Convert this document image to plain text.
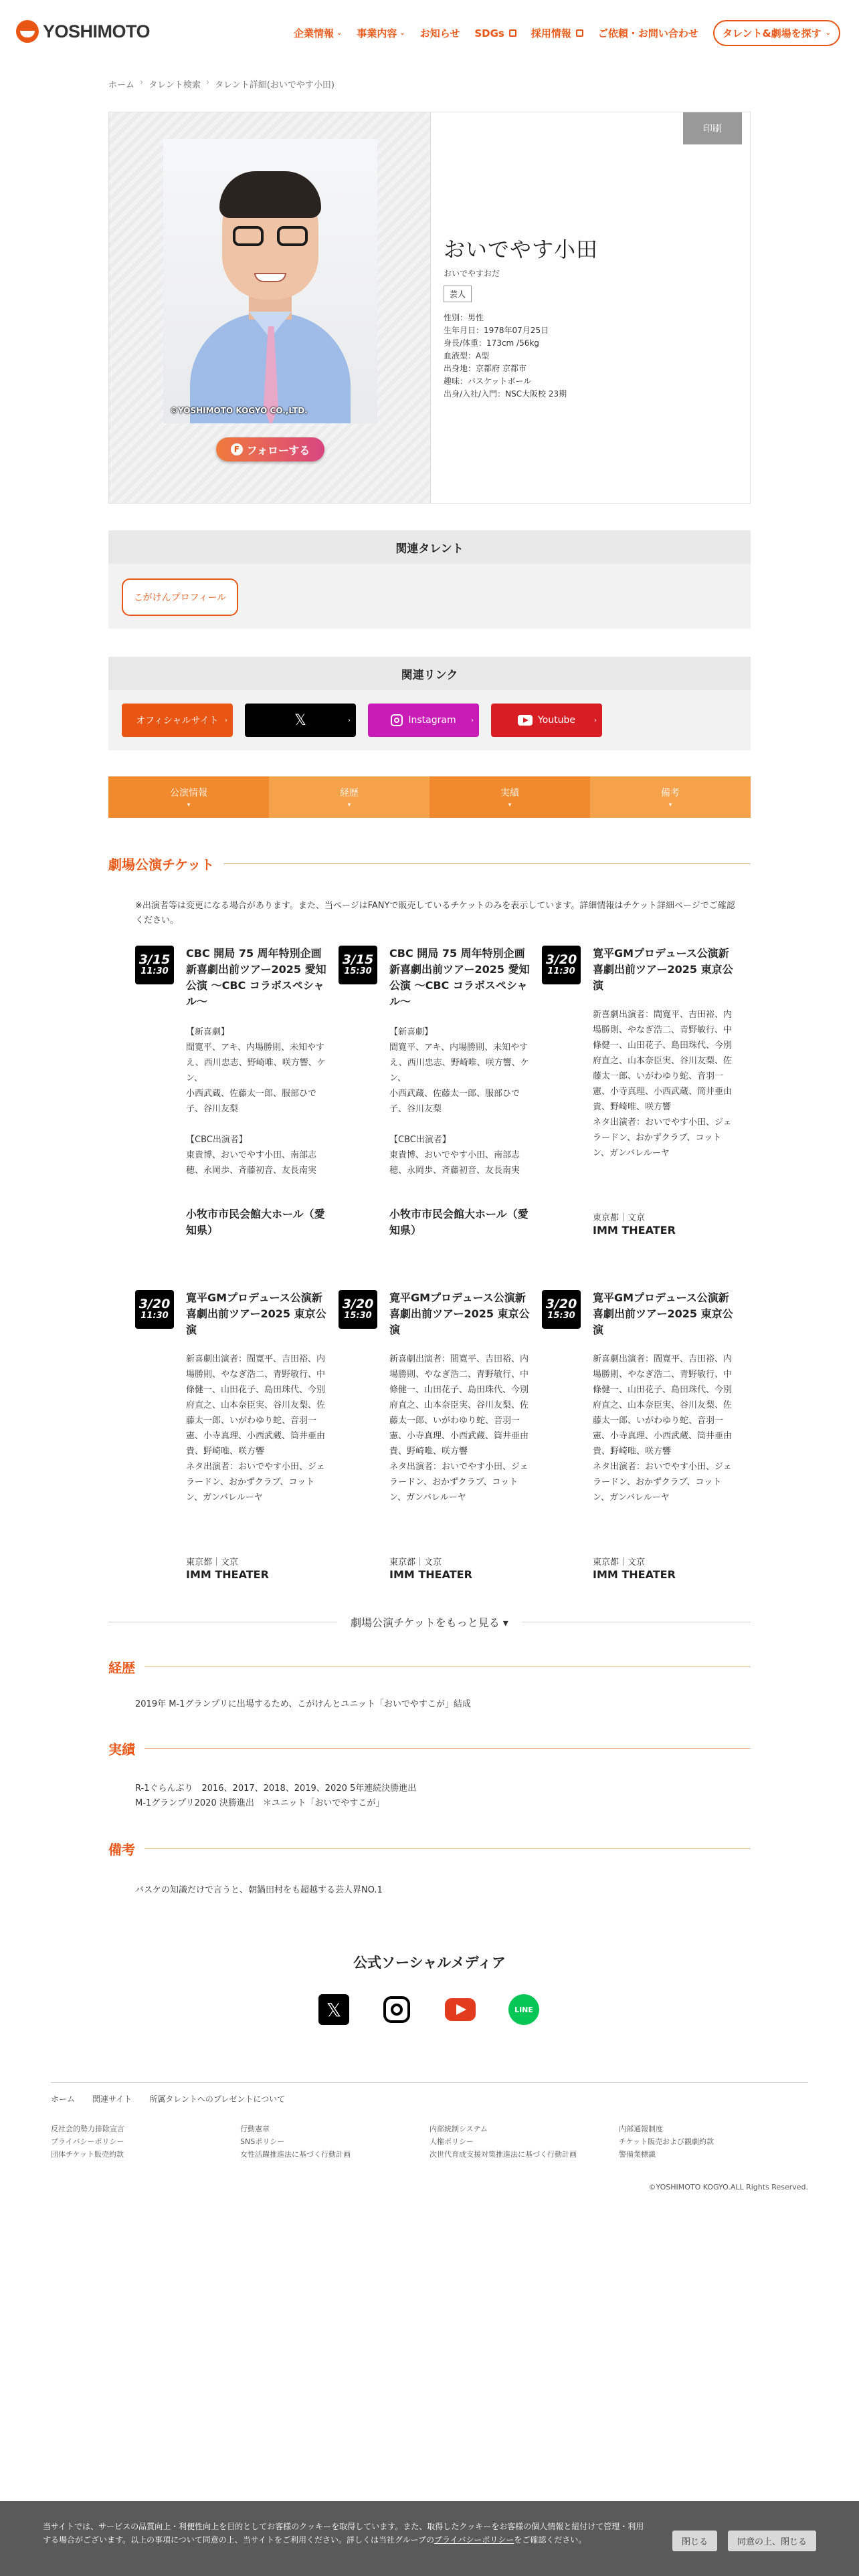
YOSHIMOTO	企業情報 ⌄ 事業内容 ⌄ お知らせ SDGs	採用情報	ご依頼・お問い合わせ タレント&劇場を探す ⌄
ホーム › タレント検索 › タレント詳細(おいでやす小田)
©YOSHIMOTO KOGYO CO.,LTD.
F フォローする
印刷
おいでやす小田
おいでやすおだ
芸人
性別：男性
生年月日：1978年07月25日
身長/体重：173cm /56kg
血液型：A型
出身地：京都府 京都市
趣味：バスケットボール
出身/入社/入門：NSC大阪校 23期
関連タレント
こがけんプロフィール
関連リンク
オフィシャルサイト ›	𝕏	›	Instagram ›	Youtube	›
公演情報
▾
経歴
▾
実績
▾
備考
▾
劇場公演チケット

※出演者等は変更になる場合があります。また、当ページはFANYで販売しているチケットのみを表示しています。詳細情報はチケット詳細ページでご確認ください。

3/15
11:30
CBC 開局 75 周年特別企画　新喜劇出前ツアー2025 愛知公演 〜CBC コラボスペシャル〜
【新喜劇】
間寛平、アキ、内場勝則、未知やすえ、西川忠志、野崎唯、咲方響、ケン、
小西武蔵、佐藤太一郎、服部ひで子、谷川友梨

【CBC出演者】
東貴博、おいでやす小田、南部志穂、永岡歩、斉藤初音、友長南実
小牧市市民会館大ホール（愛知県）
3/15
15:30
CBC 開局 75 周年特別企画　新喜劇出前ツアー2025 愛知公演 〜CBC コラボスペシャル〜
【新喜劇】
間寛平、アキ、内場勝則、未知やすえ、西川忠志、野崎唯、咲方響、ケン、
小西武蔵、佐藤太一郎、服部ひで子、谷川友梨

【CBC出演者】
東貴博、おいでやす小田、南部志穂、永岡歩、斉藤初音、友長南実
小牧市市民会館大ホール（愛知県）
3/20
11:30
寛平GMプロデュース公演新喜劇出前ツアー2025 東京公演
新喜劇出演者：間寛平、吉田裕、内場勝則、やなぎ浩二、青野敏行、中條健一、山田花子、島田珠代、今別府直之、山本奈臣実、谷川友梨、佐藤太一郎、いがわゆり蛇、音羽一憲、小寺真理、小西武蔵、筒井亜由貴、野崎唯、咲方響
ネタ出演者：おいでやす小田、ジェラードン、おかずクラブ、コットン、ガンバレルーヤ
東京都｜文京
IMM THEATER
3/20
11:30
寛平GMプロデュース公演新喜劇出前ツアー2025 東京公演
新喜劇出演者：間寛平、吉田裕、内場勝則、やなぎ浩二、青野敏行、中條健一、山田花子、島田珠代、今別府直之、山本奈臣実、谷川友梨、佐藤太一郎、いがわゆり蛇、音羽一憲、小寺真理、小西武蔵、筒井亜由貴、野崎唯、咲方響
ネタ出演者：おいでやす小田、ジェラードン、おかずクラブ、コットン、ガンバレルーヤ
東京都｜文京
IMM THEATER
3/20
15:30
寛平GMプロデュース公演新喜劇出前ツアー2025 東京公演
新喜劇出演者：間寛平、吉田裕、内場勝則、やなぎ浩二、青野敏行、中條健一、山田花子、島田珠代、今別府直之、山本奈臣実、谷川友梨、佐藤太一郎、いがわゆり蛇、音羽一憲、小寺真理、小西武蔵、筒井亜由貴、野崎唯、咲方響
ネタ出演者：おいでやす小田、ジェラードン、おかずクラブ、コットン、ガンバレルーヤ
東京都｜文京
IMM THEATER
3/20
15:30
寛平GMプロデュース公演新喜劇出前ツアー2025 東京公演
新喜劇出演者：間寛平、吉田裕、内場勝則、やなぎ浩二、青野敏行、中條健一、山田花子、島田珠代、今別府直之、山本奈臣実、谷川友梨、佐藤太一郎、いがわゆり蛇、音羽一憲、小寺真理、小西武蔵、筒井亜由貴、野崎唯、咲方響
ネタ出演者：おいでやす小田、ジェラードン、おかずクラブ、コットン、ガンバレルーヤ
東京都｜文京
IMM THEATER
劇場公演チケットをもっと見る ▾
経歴

2019年 M-1グランプリに出場するため、こがけんとユニット「おいでやすこが」結成

実績
R-1ぐらんぷり　2016、2017、2018、2019、2020 5年連続決勝進出
M-1グランプリ2020 決勝進出　＊ユニット「おいでやすこが」
備考

バスケの知識だけで言うと、朝鍋田村をも超越する芸人界NO.1

公式ソーシャルメディア
𝕏	LINE
ホーム 関連サイト 所属タレントへのプレゼントについて
反社会的勢力排除宣言
プライバシーポリシー
団体チケット販売約款
行動憲章
SNSポリシー
女性活躍推進法に基づく行動計画
内部統制システム
人権ポリシー
次世代育成支援対策推進法に基づく行動計画
内部通報制度
チケット販売および観劇約款
警備業標識
©YOSHIMOTO KOGYO.ALL Rights Reserved.

当サイトでは、サービスの品質向上・利便性向上を目的としてお客様のクッキーを取得しています。また、取得したクッキーをお客様の個人情報と紐付けて管理・利用する場合がございます。以上の事項について同意の上、当サイトをご利用ください。詳しくは当社グループのプライバシーポリシーをご確認ください。	閉じる	同意の上、閉じる
